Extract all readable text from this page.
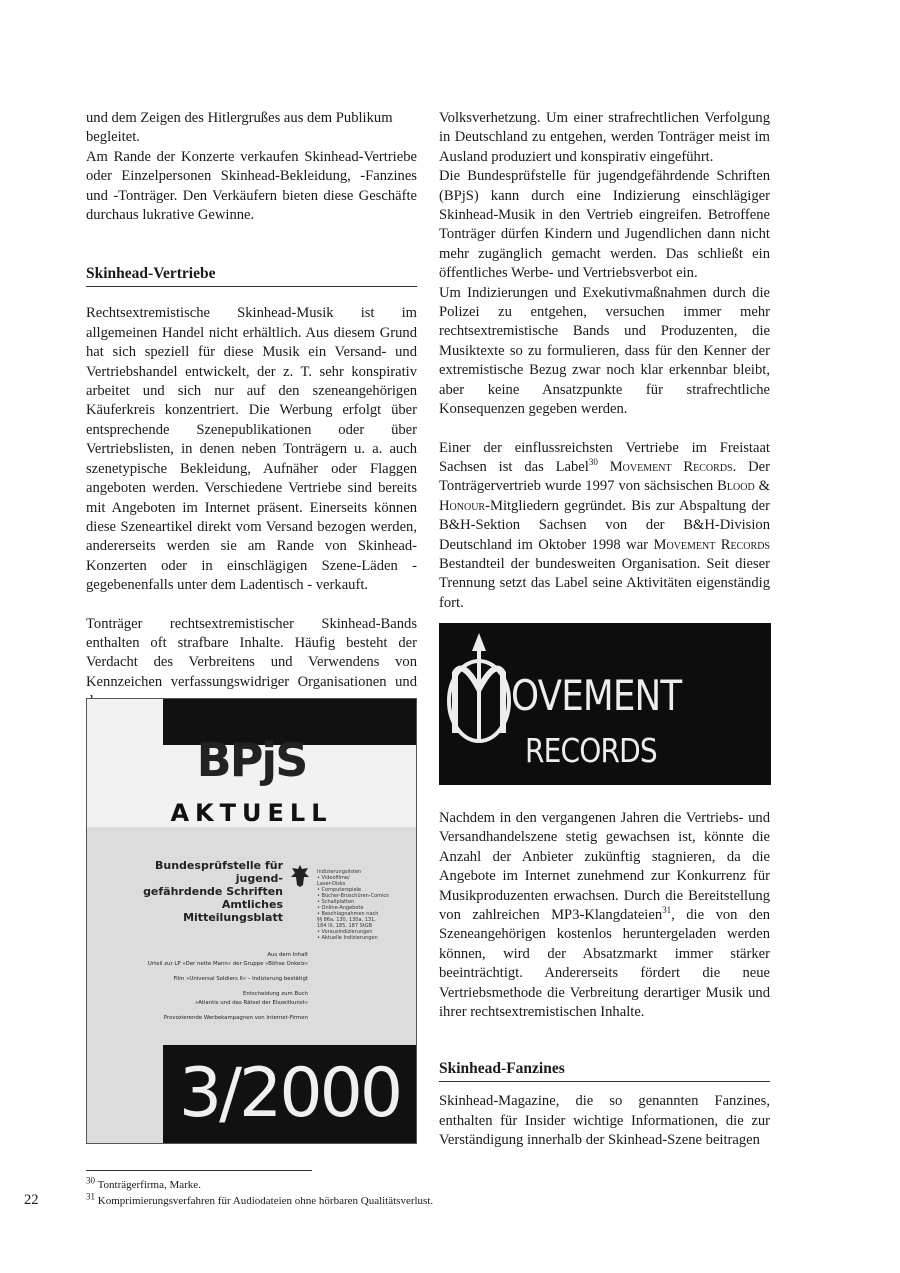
und dem Zeigen des Hitlergrußes aus dem Publikum begleitet.

Am Rande der Konzerte verkaufen Skinhead-Vertriebe oder Einzelpersonen Skinhead-Bekleidung, -Fanzines und -Tonträger. Den Verkäufern bieten diese Geschäfte durchaus lukrative Gewinne.

Skinhead-Vertriebe

Rechtsextremistische Skinhead-Musik ist im allgemeinen Handel nicht erhältlich. Aus diesem Grund hat sich speziell für diese Musik ein Versand- und Vertriebshandel entwickelt, der z. T. sehr konspirativ arbeitet und sich nur auf den szeneangehörigen Käuferkreis konzentriert. Die Werbung erfolgt über entsprechende Szenepublikationen oder über Vertriebslisten, in denen neben Tonträgern u. a. auch szenetypische Bekleidung, Aufnäher oder Flaggen angeboten werden. Verschiedene Vertriebe sind bereits mit Angeboten im Internet präsent. Einerseits können diese Szeneartikel direkt vom Versand bezogen werden, andererseits werden sie am Rande von Skinhead-Konzerten oder in einschlägigen Szene-Läden - gegebenenfalls unter dem Ladentisch - verkauft.

Tonträger rechtsextremistischer Skinhead-Bands enthalten oft strafbare Inhalte. Häufig besteht der Verdacht des Verbreitens und Verwendens von Kennzeichen verfassungswidriger Organisationen und

Volksverhetzung. Um einer strafrechtlichen Verfolgung in Deutschland zu entgehen, werden Tonträger meist im Ausland produziert und konspirativ eingeführt.

Die Bundesprüfstelle für jugendgefährdende Schriften (BPjS) kann durch eine Indizierung einschlägiger Skinhead-Musik in den Vertrieb eingreifen. Betroffene Tonträger dürfen Kindern und Jugendlichen dann nicht mehr zugänglich gemacht werden. Das schließt ein öffentliches Werbe- und Vertriebsverbot ein.

Um Indizierungen und Exekutivmaßnahmen durch die Polizei zu entgehen, versuchen immer mehr rechtsextremistische Bands und Produzenten, die Musiktexte so zu formulieren, dass für den Kenner der extremistische Bezug zwar noch klar erkennbar bleibt, aber keine Ansatzpunkte für strafrechtliche Konsequenzen gegeben werden.

Einer der einflussreichsten Vertriebe im Freistaat Sachsen ist das Label$^{30}$ Movement Records. Der Tonträgervertrieb wurde 1997 von sächsischen Blood & Honour-Mitgliedern gegründet. Bis zur Abspaltung der B&H-Sektion Sachsen von der B&H-Division Deutschland im Oktober 1998 war Movement Records Bestandteil der bundesweiten Organisation. Seit dieser Trennung setzt das Label seine Aktivitäten eigenständig fort.

Nachdem in den vergangenen Jahren die Vertriebs- und Versandhandelszene stetig gewachsen ist, könnte die Anzahl der Anbieter zukünftig stagnieren, da die Angebote im Internet zunehmend zur Konkurrenz für Musikproduzenten erwachsen. Durch die Bereitstellung von zahlreichen MP3-Klangdateien$^{31}$, die von den Szeneangehörigen kostenlos heruntergeladen werden können, wird der Absatzmarkt immer stärker beeinträchtigt. Andererseits fördert die neue Vertriebsmethode die Verbreitung derartiger Musik und ihrer rechtsextremistischen Inhalte.

Skinhead-Fanzines

Skinhead-Magazine, die so genannten Fanzines, enthalten für Insider wichtige Informationen, die zur Verständigung innerhalb der Skinhead-Szene beitragen

BPjS
AKTUELL
Bundesprüfstelle für jugend-
gefährdende Schriften
Amtliches
Mitteilungsblatt
Indizierungslisten
• Videofilme/
Laser-Disks
• Computerspiele
• Bücher-Broschüren-Comics
• Schallplatten
• Online-Angebote
• Beschlagnahmen nach
§§ 86a, 130, 130a, 131,
184 III, 185, 187 StGB
• Vorausindizierungen
• Aktuelle Indizierungen
Aus dem Inhalt
Urteil zur LP »Der nette Mann« der Gruppe »Böhse Onkelz«
Film »Universal Soldiers II« – Indizierung bestätigt
Entscheidung zum Buch
»Atlantis und das Rätsel der Eiszeitkunst«
Provozierende Werbekampagnen von Internet-Firmen
3/2000
OVEMENT
RECORDS
$^{30}$ Tonträgerfirma, Marke.
$^{31}$ Komprimierungsverfahren für Audiodateien ohne hörbaren Qualitätsverlust.
22
